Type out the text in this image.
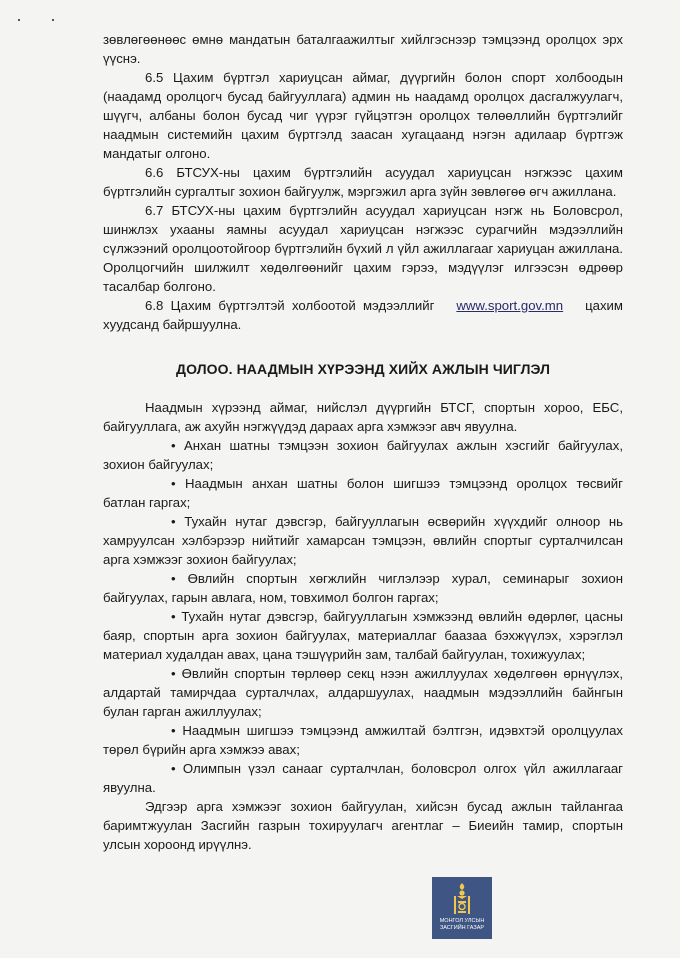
зөвлөгөөнөөс өмнө мандатын баталгаажилтыг хийлгэснээр тэмцээнд оролцох эрх үүснэ.

6.5 Цахим бүртгэл хариуцсан аймаг, дүүргийн болон спорт холбоодын (наадамд оролцогч бусад байгууллага) админ нь наадамд оролцох дасгалжуулагч, шүүгч, албаны болон бусад чиг үүрэг гүйцэтгэн оролцох төлөөллийн бүртгэлийг наадмын системийн цахим бүртгэлд заасан хугацаанд нэгэн адилаар бүртгэж мандатыг олгоно.

6.6 БТСУХ-ны цахим бүртгэлийн асуудал хариуцсан нэгжээс цахим бүртгэлийн сургалтыг зохион байгуулж, мэргэжил арга зүйн зөвлөгөө өгч ажиллана.

6.7 БТСУХ-ны цахим бүртгэлийн асуудал хариуцсан нэгж нь Боловсрол, шинжлэх ухааны яамны асуудал хариуцсан нэгжээс сурагчийн мэдээллийн сүлжээний оролцоотойгоор бүртгэлийн бүхий л үйл ажиллагааг хариуцан ажиллана. Оролцогчийн шилжилт хөдөлгөөнийг цахим гэрээ, мэдүүлэг илгээсэн өдрөөр тасалбар болгоно.

6.8 Цахим бүртгэлтэй холбоотой мэдээллийг www.sport.gov.mn цахим хуудсанд байршуулна.

ДОЛОО. НААДМЫН ХҮРЭЭНД ХИЙХ АЖЛЫН ЧИГЛЭЛ

Наадмын хүрээнд аймаг, нийслэл дүүргийн БТСГ, спортын хороо, ЕБС, байгууллага, аж ахуйн нэгжүүдэд дараах арга хэмжээг авч явуулна.

• Анхан шатны тэмцээн зохион байгуулах ажлын хэсгийг байгуулах, зохион байгуулах;

• Наадмын анхан шатны болон шигшээ тэмцээнд оролцох төсвийг батлан гаргах;

• Тухайн нутаг дэвсгэр, байгууллагын өсвөрийн хүүхдийг олноор нь хамруулсан хэлбэрээр нийтийг хамарсан тэмцээн, өвлийн спортыг сурталчилсан арга хэмжээг зохион байгуулах;

• Өвлийн спортын хөгжлийн чиглэлээр хурал, семинарыг зохион байгуулах, гарын авлага, ном, товхимол болгон гаргах;

• Тухайн нутаг дэвсгэр, байгууллагын хэмжээнд өвлийн өдөрлөг, цасны баяр, спортын арга зохион байгуулах, материаллаг баазаа бэхжүүлэх, хэрэглэл материал худалдан авах, цана тэшүүрийн зам, талбай байгуулан, тохижуулах;

• Өвлийн спортын төрлөөр секц нээн ажиллуулах хөдөлгөөн өрнүүлэх, алдартай тамирчдаа сурталчлах, алдаршуулах, наадмын мэдээллийн байнгын булан гарган ажиллуулах;

• Наадмын шигшээ тэмцээнд амжилтай бэлтгэн, идэвхтэй оролцуулах төрөл бүрийн арга хэмжээ авах;

• Олимпын үзэл санааг сурталчлан, боловсрол олгох үйл ажиллагааг явуулна.

Эдгээр арга хэмжээг зохион байгуулан, хийсэн бусад ажлын тайлангаа баримтжуулан Засгийн газрын тохируулагч агентлаг – Биеийн тамир, спортын улсын хороонд ирүүлнэ.

МОНГОЛ УЛСЫН
ЗАСГИЙН ГАЗАР
